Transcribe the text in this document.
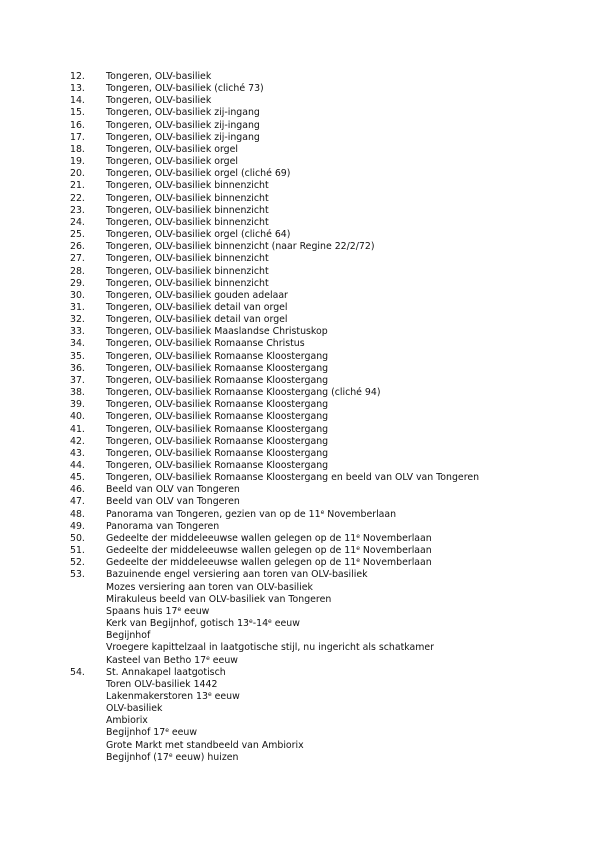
12.	Tongeren, OLV-basiliek
13.	Tongeren, OLV-basiliek (cliché 73)
14.	Tongeren, OLV-basiliek
15.	Tongeren, OLV-basiliek zij-ingang
16.	Tongeren, OLV-basiliek zij-ingang
17.	Tongeren, OLV-basiliek zij-ingang
18.	Tongeren, OLV-basiliek orgel
19.	Tongeren, OLV-basiliek orgel
20.	Tongeren, OLV-basiliek orgel (cliché 69)
21.	Tongeren, OLV-basiliek binnenzicht
22.	Tongeren, OLV-basiliek binnenzicht
23.	Tongeren, OLV-basiliek binnenzicht
24.	Tongeren, OLV-basiliek binnenzicht
25.	Tongeren, OLV-basiliek orgel (cliché 64)
26.	Tongeren, OLV-basiliek binnenzicht (naar Regine 22/2/72)
27.	Tongeren, OLV-basiliek binnenzicht
28.	Tongeren, OLV-basiliek binnenzicht
29.	Tongeren, OLV-basiliek binnenzicht
30.	Tongeren, OLV-basiliek gouden adelaar
31.	Tongeren, OLV-basiliek detail van orgel
32.	Tongeren, OLV-basiliek detail van orgel
33.	Tongeren, OLV-basiliek Maaslandse Christuskop
34.	Tongeren, OLV-basiliek Romaanse Christus
35.	Tongeren, OLV-basiliek Romaanse Kloostergang
36.	Tongeren, OLV-basiliek Romaanse Kloostergang
37.	Tongeren, OLV-basiliek Romaanse Kloostergang
38.	Tongeren, OLV-basiliek Romaanse Kloostergang (cliché 94)
39.	Tongeren, OLV-basiliek Romaanse Kloostergang
40.	Tongeren, OLV-basiliek Romaanse Kloostergang
41.	Tongeren, OLV-basiliek Romaanse Kloostergang
42.	Tongeren, OLV-basiliek Romaanse Kloostergang
43.	Tongeren, OLV-basiliek Romaanse Kloostergang
44.	Tongeren, OLV-basiliek Romaanse Kloostergang
45.	Tongeren, OLV-basiliek Romaanse Kloostergang en beeld van OLV van Tongeren
46.	Beeld van OLV van Tongeren
47.	Beeld van OLV van Tongeren
48.	Panorama van Tongeren, gezien van op de 11e Novemberlaan
49.	Panorama van Tongeren
50.	Gedeelte der middeleeuwse wallen gelegen op de 11e Novemberlaan
51.	Gedeelte der middeleeuwse wallen gelegen op de 11e Novemberlaan
52.	Gedeelte der middeleeuwse wallen gelegen op de 11e Novemberlaan
53.	Bazuinende engel versiering aan toren van OLV-basiliek
Mozes versiering aan toren van OLV-basiliek
Mirakuleus beeld van OLV-basiliek van Tongeren
Spaans huis 17e eeuw
Kerk van Begijnhof, gotisch 13e-14e eeuw
Begijnhof
Vroegere kapittelzaal in laatgotische stijl, nu ingericht als schatkamer
Kasteel van Betho 17e eeuw
54.	St. Annakapel laatgotisch
Toren OLV-basiliek 1442
Lakenmakerstoren 13e eeuw
OLV-basiliek
Ambiorix
Begijnhof 17e eeuw
Grote Markt met standbeeld van Ambiorix
Begijnhof (17e eeuw) huizen
